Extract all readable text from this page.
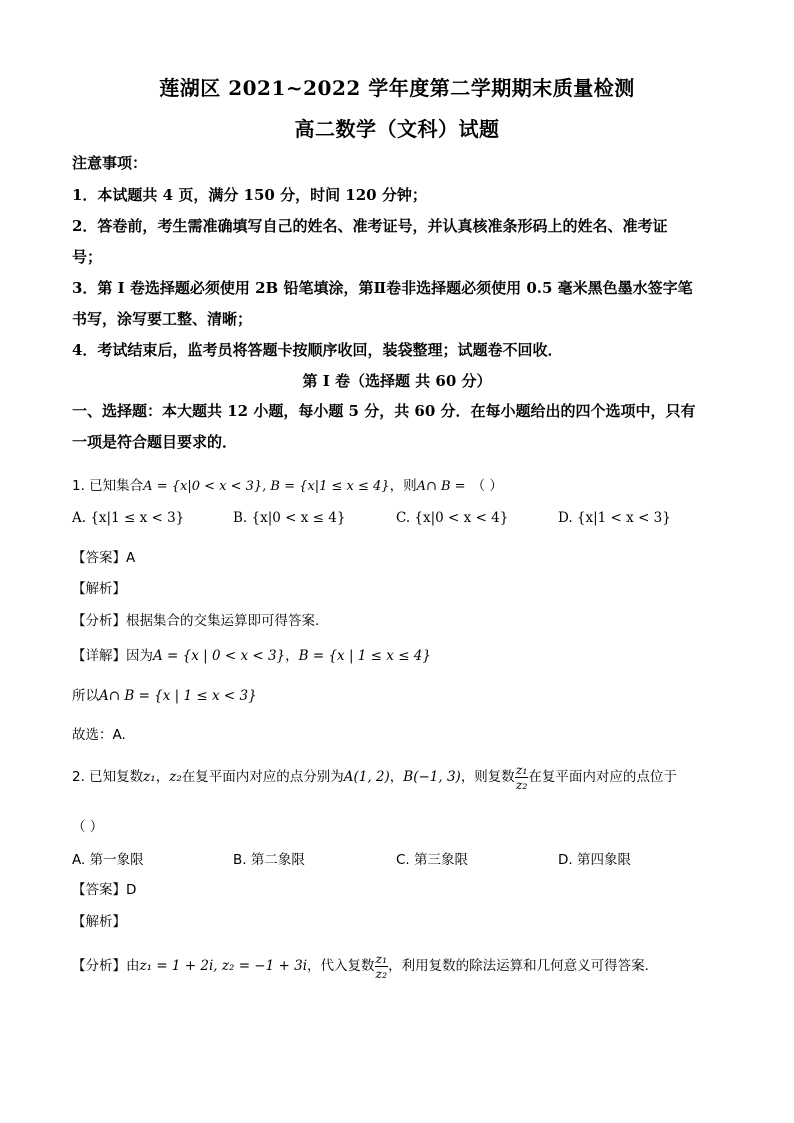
莲湖区 2021~2022 学年度第二学期期末质量检测
高二数学（文科）试题
注意事项：
1．本试题共 4 页，满分 150 分，时间 120 分钟；
2．答卷前，考生需准确填写自己的姓名、准考证号，并认真核准条形码上的姓名、准考证
号；
3．第 I 卷选择题必须使用 2B 铅笔填涂，第Ⅱ卷非选择题必须使用 0.5 毫米黑色墨水签字笔
书写，涂写要工整、清晰；
4．考试结束后，监考员将答题卡按顺序收回，装袋整理；试题卷不回收．
第 I 卷（选择题 共 60 分）
一、选择题：本大题共 12 小题，每小题 5 分，共 60 分．在每小题给出的四个选项中，只有
一项是符合题目要求的．
1. 已知集合A = {x|0 < x < 3}, B = {x|1 ≤ x ≤ 4}，则A∩ B = （ ）
A. {x|1 ≤ x < 3}	B. {x|0 < x ≤ 4}	C. {x|0 < x < 4}	D. {x|1 < x < 3}
【答案】A
【解析】
【分析】根据集合的交集运算即可得答案.
【详解】因为A = {x | 0 < x < 3}，B = {x | 1 ≤ x ≤ 4}
所以A∩ B = {x | 1 ≤ x < 3}
故选：A.
2. 已知复数z₁，z₂在复平面内对应的点分别为A(1, 2)，B(−1, 3)，则复数 $\frac{\text{z₁}}{\text{z₂}}$ 在复平面内对应的点位于
（ ）
A. 第一象限	B. 第二象限	C. 第三象限	D. 第四象限
【答案】D
【解析】
【分析】由z₁ = 1 + 2i, z₂ = −1 + 3i，代入复数 $\frac{\text{z₁}}{\text{z₂}}$ ，利用复数的除法运算和几何意义可得答案.
